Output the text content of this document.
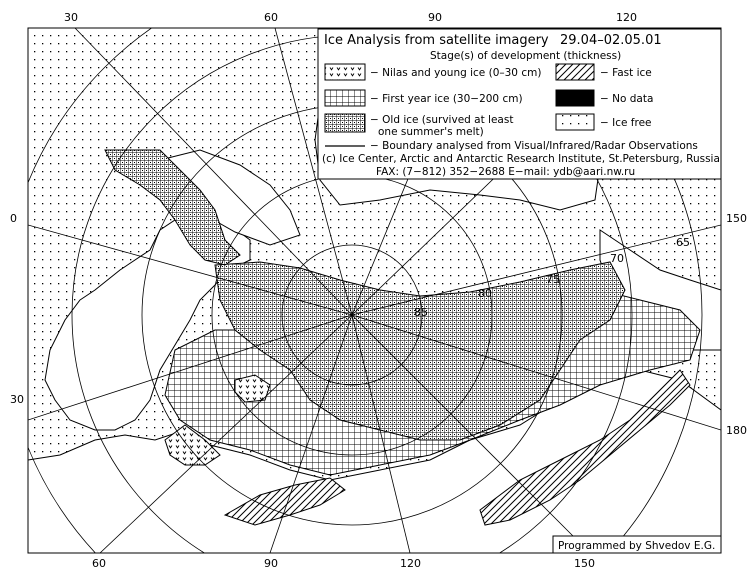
85
80
75
70
65
30	60	90	120
60	90	120	150
0
30
150
180
Ice Analysis from satellite imagery 29.04–02.05.01
Stage(s) of development (thickness)
− Nilas and young ice (0–30 cm)	− Fast ice
− First year ice (30−200 cm)	− No data
− Old ice (survived at least
one summer's melt)
− Ice free
− Boundary analysed from Visual/Infrared/Radar Observations
(c) Ice Center, Arctic and Antarctic Research Institute, St.Petersburg, Russia
FAX: (7−812) 352−2688 E−mail: ydb@aari.nw.ru
Programmed by Shvedov E.G.
